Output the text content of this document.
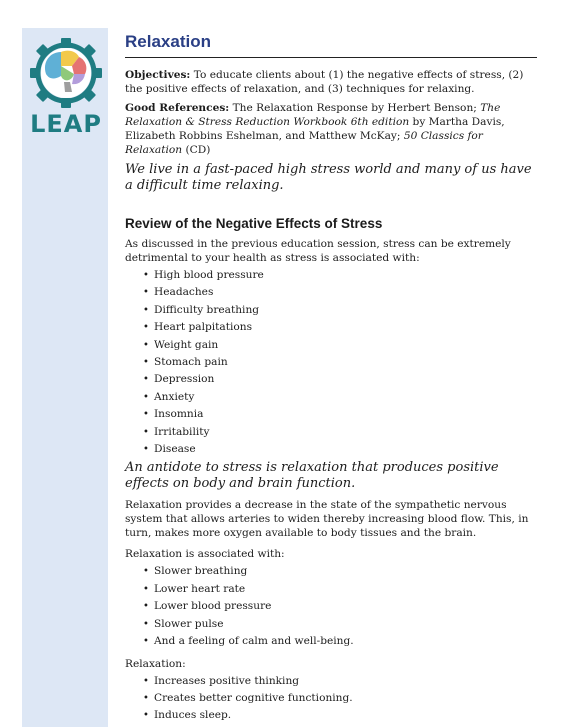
LEAP
Relaxation

Objectives: To educate clients about (1) the negative effects of stress, (2) the positive effects of relaxation, and (3) techniques for relaxing.

Good References: The Relaxation Response by Herbert Benson; The Relaxation & Stress Reduction Workbook 6th edition by Martha Davis, Elizabeth Robbins Eshelman, and Matthew McKay; 50 Classics for Relaxation (CD)

We live in a fast-paced high stress world and many of us have a difficult time relaxing.

Review of the Negative Effects of Stress

As discussed in the previous education session, stress can be extremely detrimental to your health as stress is associated with:

• High blood pressure
• Headaches
• Difficulty breathing
• Heart palpitations
• Weight gain
• Stomach pain
• Depression
• Anxiety
• Insomnia
• Irritability
• Disease

An antidote to stress is relaxation that produces positive effects on body and brain function.

Relaxation provides a decrease in the state of the sympathetic nervous system that allows arteries to widen thereby increasing blood flow. This, in turn, makes more oxygen available to body tissues and the brain.

Relaxation is associated with:

• Slower breathing
• Lower heart rate
• Lower blood pressure
• Slower pulse
• And a feeling of calm and well-being.

Relaxation:

• Increases positive thinking
• Creates better cognitive functioning.
• Induces sleep.
